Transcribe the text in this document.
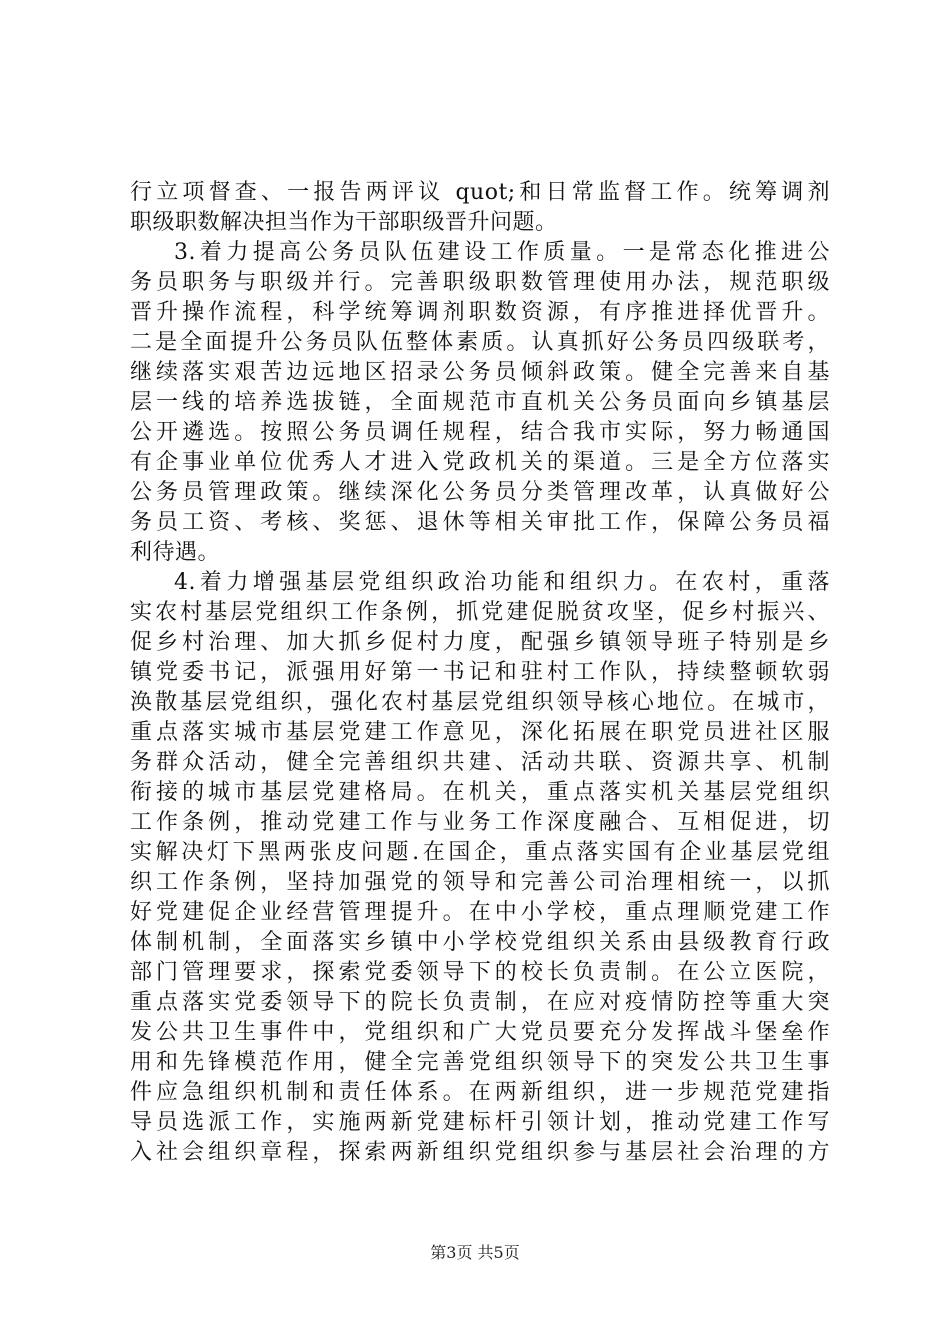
行立项督查、一报告两评议 quot;和日常监督工作。统筹调剂
职级职数解决担当作为干部职级晋升问题。
3.着力提高公务员队伍建设工作质量。一是常态化推进公
务员职务与职级并行。完善职级职数管理使用办法，规范职级
晋升操作流程，科学统筹调剂职数资源，有序推进择优晋升。
二是全面提升公务员队伍整体素质。认真抓好公务员四级联考，
继续落实艰苦边远地区招录公务员倾斜政策。健全完善来自基
层一线的培养选拔链，全面规范市直机关公务员面向乡镇基层
公开遴选。按照公务员调任规程，结合我市实际，努力畅通国
有企事业单位优秀人才进入党政机关的渠道。三是全方位落实
公务员管理政策。继续深化公务员分类管理改革，认真做好公
务员工资、考核、奖惩、退休等相关审批工作，保障公务员福
利待遇。
4.着力增强基层党组织政治功能和组织力。在农村，重落
实农村基层党组织工作条例，抓党建促脱贫攻坚，促乡村振兴、
促乡村治理、加大抓乡促村力度，配强乡镇领导班子特别是乡
镇党委书记，派强用好第一书记和驻村工作队，持续整顿软弱
涣散基层党组织，强化农村基层党组织领导核心地位。在城市，
重点落实城市基层党建工作意见，深化拓展在职党员进社区服
务群众活动，健全完善组织共建、活动共联、资源共享、机制
衔接的城市基层党建格局。在机关，重点落实机关基层党组织
工作条例，推动党建工作与业务工作深度融合、互相促进，切
实解决灯下黑两张皮问题.在国企，重点落实国有企业基层党组
织工作条例，坚持加强党的领导和完善公司治理相统一，以抓
好党建促企业经营管理提升。在中小学校，重点理顺党建工作
体制机制，全面落实乡镇中小学校党组织关系由县级教育行政
部门管理要求，探索党委领导下的校长负责制。在公立医院，
重点落实党委领导下的院长负责制，在应对疫情防控等重大突
发公共卫生事件中，党组织和广大党员要充分发挥战斗堡垒作
用和先锋模范作用，健全完善党组织领导下的突发公共卫生事
件应急组织机制和责任体系。在两新组织，进一步规范党建指
导员选派工作，实施两新党建标杆引领计划，推动党建工作写
入社会组织章程，探索两新组织党组织参与基层社会治理的方
第3页 共5页
